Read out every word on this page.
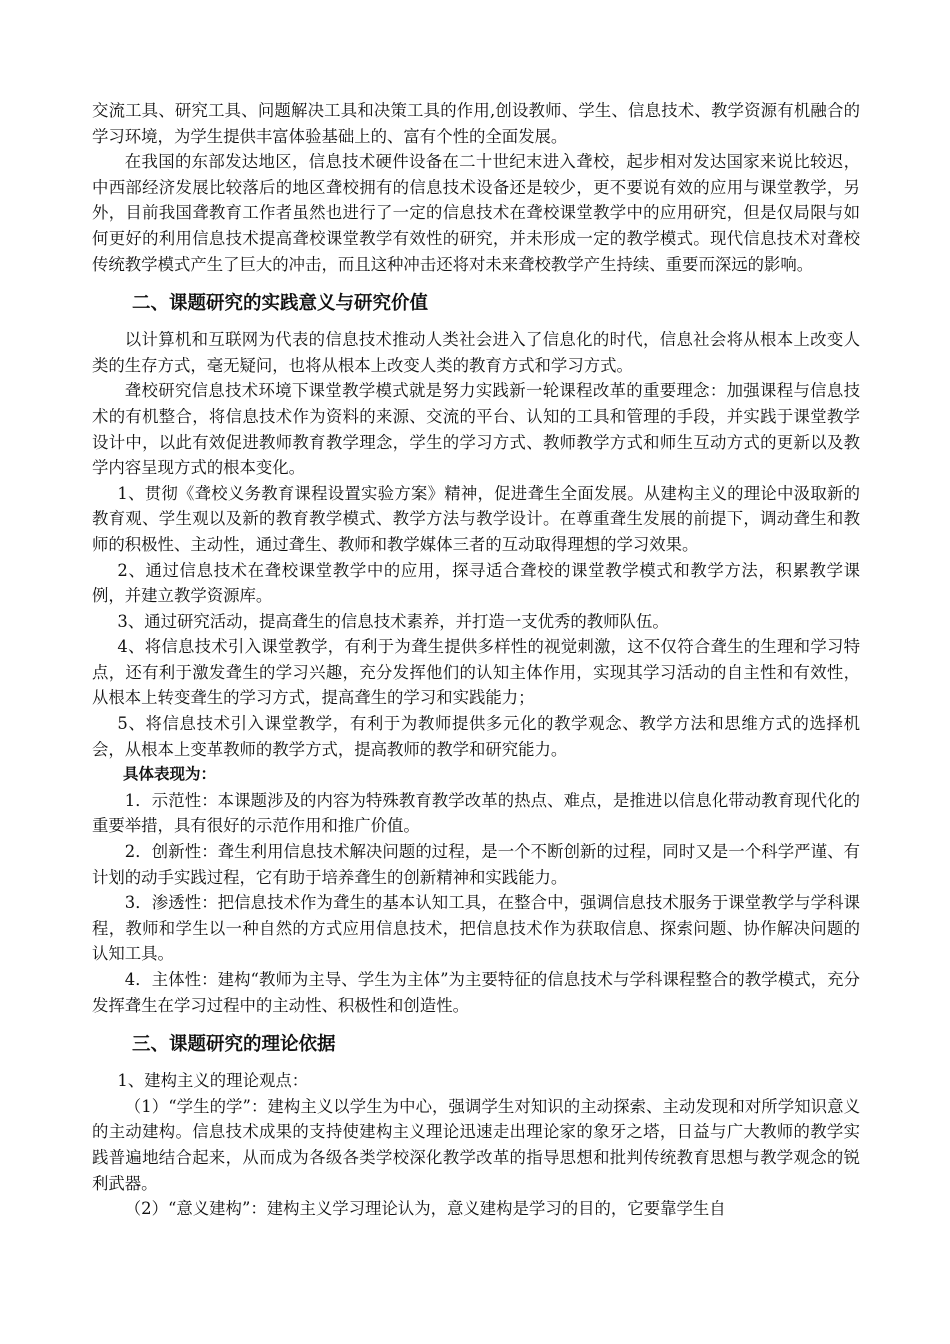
交流工具、研究工具、问题解决工具和决策工具的作用,创设教师、学生、信息技术、教学资源有机融合的学习环境，为学生提供丰富体验基础上的、富有个性的全面发展。

在我国的东部发达地区，信息技术硬件设备在二十世纪末进入聋校，起步相对发达国家来说比较迟，中西部经济发展比较落后的地区聋校拥有的信息技术设备还是较少，更不要说有效的应用与课堂教学，另外，目前我国聋教育工作者虽然也进行了一定的信息技术在聋校课堂教学中的应用研究，但是仅局限与如何更好的利用信息技术提高聋校课堂教学有效性的研究，并未形成一定的教学模式。现代信息技术对聋校传统教学模式产生了巨大的冲击，而且这种冲击还将对未来聋校教学产生持续、重要而深远的影响。

二、课题研究的实践意义与研究价值

以计算机和互联网为代表的信息技术推动人类社会进入了信息化的时代，信息社会将从根本上改变人类的生存方式，毫无疑问，也将从根本上改变人类的教育方式和学习方式。

聋校研究信息技术环境下课堂教学模式就是努力实践新一轮课程改革的重要理念：加强课程与信息技术的有机整合，将信息技术作为资料的来源、交流的平台、认知的工具和管理的手段，并实践于课堂教学设计中，以此有效促进教师教育教学理念，学生的学习方式、教师教学方式和师生互动方式的更新以及教学内容呈现方式的根本变化。

1、贯彻《聋校义务教育课程设置实验方案》精神，促进聋生全面发展。从建构主义的理论中汲取新的教育观、学生观以及新的教育教学模式、教学方法与教学设计。在尊重聋生发展的前提下，调动聋生和教师的积极性、主动性，通过聋生、教师和教学媒体三者的互动取得理想的学习效果。

2、通过信息技术在聋校课堂教学中的应用，探寻适合聋校的课堂教学模式和教学方法，积累教学课例，并建立教学资源库。

3、通过研究活动，提高聋生的信息技术素养，并打造一支优秀的教师队伍。

4、将信息技术引入课堂教学，有利于为聋生提供多样性的视觉刺激，这不仅符合聋生的生理和学习特点，还有利于激发聋生的学习兴趣，充分发挥他们的认知主体作用，实现其学习活动的自主性和有效性，从根本上转变聋生的学习方式，提高聋生的学习和实践能力；

5、将信息技术引入课堂教学，有利于为教师提供多元化的教学观念、教学方法和思维方式的选择机会，从根本上变革教师的教学方式，提高教师的教学和研究能力。

具体表现为：

1．示范性：本课题涉及的内容为特殊教育教学改革的热点、难点，是推进以信息化带动教育现代化的重要举措，具有很好的示范作用和推广价值。

2．创新性：聋生利用信息技术解决问题的过程，是一个不断创新的过程，同时又是一个科学严谨、有计划的动手实践过程，它有助于培养聋生的创新精神和实践能力。

3．渗透性：把信息技术作为聋生的基本认知工具，在整合中，强调信息技术服务于课堂教学与学科课程，教师和学生以一种自然的方式应用信息技术，把信息技术作为获取信息、探索问题、协作解决问题的认知工具。

4．主体性：建构“教师为主导、学生为主体”为主要特征的信息技术与学科课程整合的教学模式，充分发挥聋生在学习过程中的主动性、积极性和创造性。

三、课题研究的理论依据

1、建构主义的理论观点：

（1）“学生的学”：建构主义以学生为中心，强调学生对知识的主动探索、主动发现和对所学知识意义的主动建构。信息技术成果的支持使建构主义理论迅速走出理论家的象牙之塔，日益与广大教师的教学实践普遍地结合起来，从而成为各级各类学校深化教学改革的指导思想和批判传统教育思想与教学观念的锐利武器。

（2）“意义建构”：建构主义学习理论认为，意义建构是学习的目的，它要靠学生自
